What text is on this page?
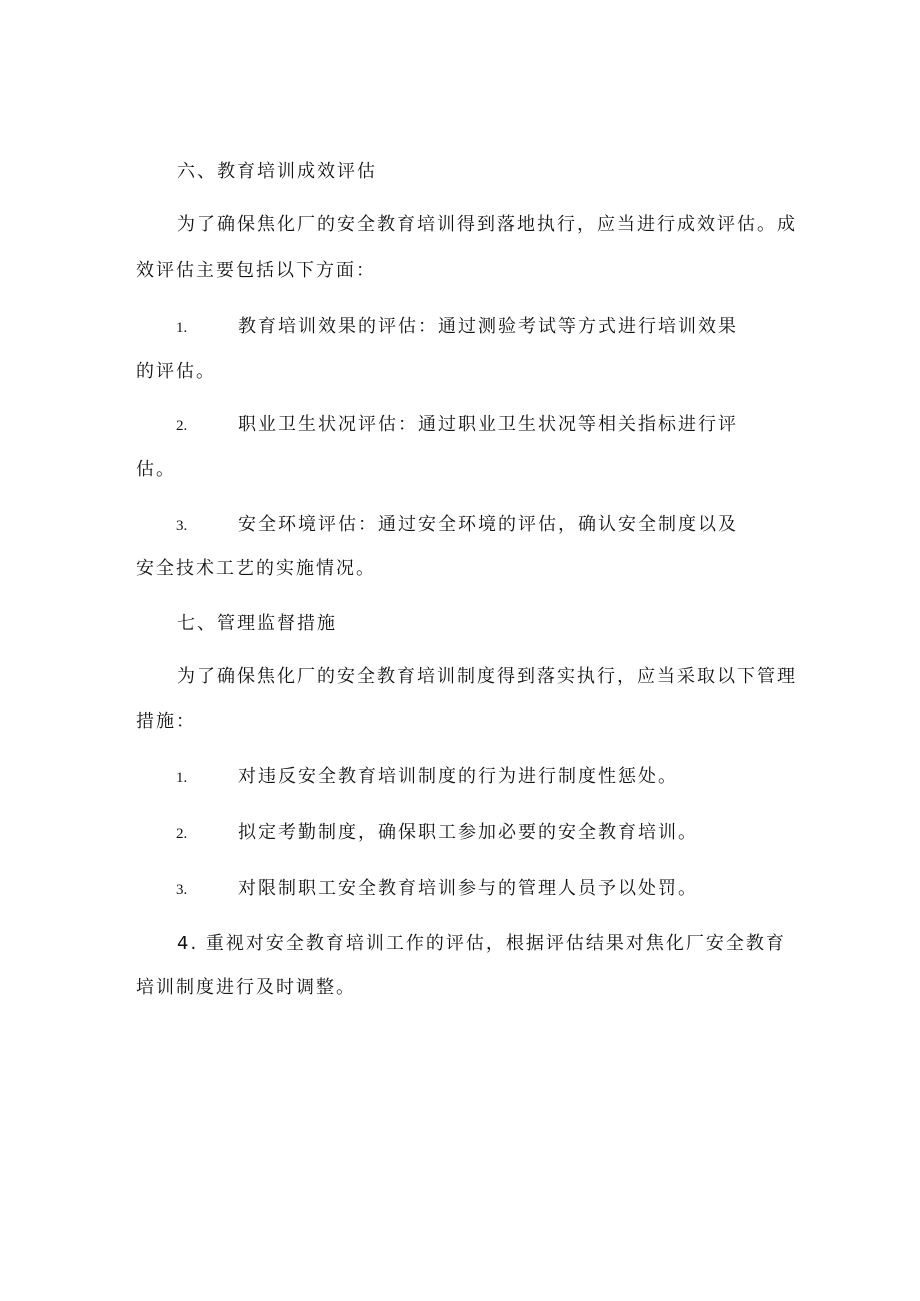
六、教育培训成效评估
为了确保焦化厂的安全教育培训得到落地执行，应当进行成效评估。成
效评估主要包括以下方面：
1.	教育培训效果的评估：通过测验考试等方式进行培训效果
的评估。
2.	职业卫生状况评估：通过职业卫生状况等相关指标进行评
估。
3.	安全环境评估：通过安全环境的评估，确认安全制度以及
安全技术工艺的实施情况。
七、管理监督措施
为了确保焦化厂的安全教育培训制度得到落实执行，应当采取以下管理
措施：
1.	对违反安全教育培训制度的行为进行制度性惩处。
2.	拟定考勤制度，确保职工参加必要的安全教育培训。
3.	对限制职工安全教育培训参与的管理人员予以处罚。
4. 重视对安全教育培训工作的评估，根据评估结果对焦化厂安全教育
培训制度进行及时调整。
